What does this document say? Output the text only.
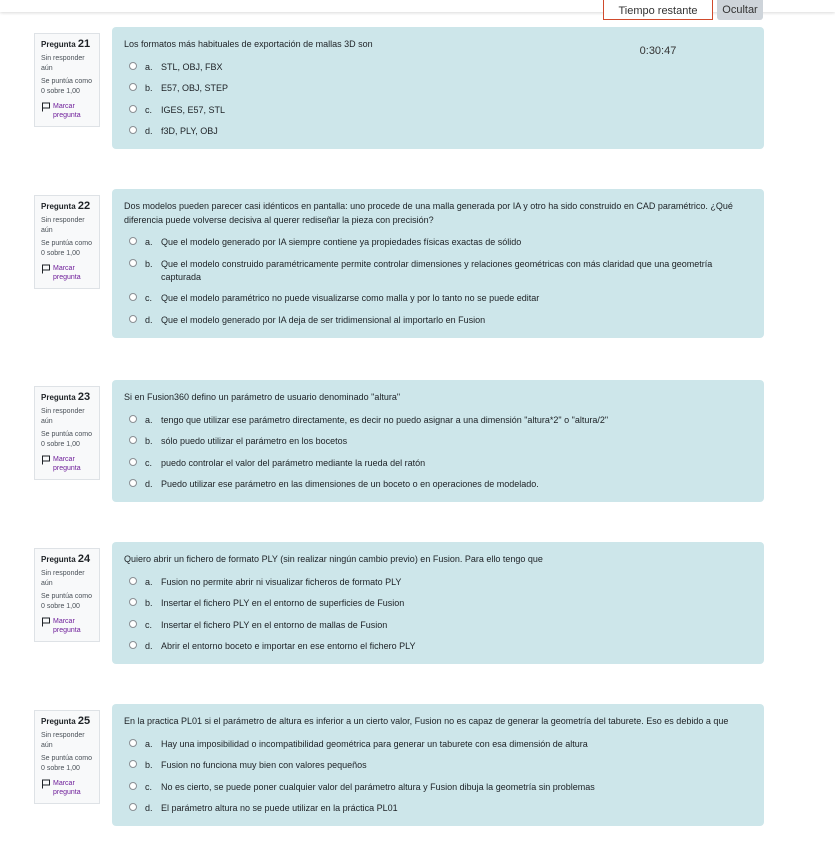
Tiempo restante 0:30:47
Ocultar
Pregunta 21
Sin responder aún
Se puntúa como 0 sobre 1,00
Marcar pregunta
Los formatos más habituales de exportación de mallas 3D son
a. STL, OBJ, FBX
b. E57, OBJ, STEP
c. IGES, E57, STL
d. f3D, PLY, OBJ
Pregunta 22
Sin responder aún
Se puntúa como 0 sobre 1,00
Marcar pregunta
Dos modelos pueden parecer casi idénticos en pantalla: uno procede de una malla generada por IA y otro ha sido construido en CAD paramétrico. ¿Qué diferencia puede volverse decisiva al querer rediseñar la pieza con precisión?
a. Que el modelo generado por IA siempre contiene ya propiedades físicas exactas de sólido
b. Que el modelo construido paramétricamente permite controlar dimensiones y relaciones geométricas con más claridad que una geometría capturada
c. Que el modelo paramétrico no puede visualizarse como malla y por lo tanto no se puede editar
d. Que el modelo generado por IA deja de ser tridimensional al importarlo en Fusion
Pregunta 23
Sin responder aún
Se puntúa como 0 sobre 1,00
Marcar pregunta
Si en Fusion360 defino un parámetro de usuario denominado "altura"
a. tengo que utilizar ese parámetro directamente, es decir no puedo asignar a una dimensión "altura*2" o "altura/2"
b. sólo puedo utilizar el parámetro en los bocetos
c. puedo controlar el valor del parámetro mediante la rueda del ratón
d. Puedo utilizar ese parámetro en las dimensiones de un boceto o en operaciones de modelado.
Pregunta 24
Sin responder aún
Se puntúa como 0 sobre 1,00
Marcar pregunta
Quiero abrir un fichero de formato PLY (sin realizar ningún cambio previo) en Fusion. Para ello tengo que
a. Fusion no permite abrir ni visualizar ficheros de formato PLY
b. Insertar el fichero PLY en el entorno de superficies de Fusion
c. Insertar el fichero PLY en el entorno de mallas de Fusion
d. Abrir el entorno boceto e importar en ese entorno el fichero PLY
Pregunta 25
Sin responder aún
Se puntúa como 0 sobre 1,00
Marcar pregunta
En la practica PL01 si el parámetro de altura es inferior a un cierto valor, Fusion no es capaz de generar la geometría del taburete. Eso es debido a que
a. Hay una imposibilidad o incompatibilidad geométrica para generar un taburete con esa dimensión de altura
b. Fusion no funciona muy bien con valores pequeños
c. No es cierto, se puede poner cualquier valor del parámetro altura y Fusion dibuja la geometría sin problemas
d. El parámetro altura no se puede utilizar en la práctica PL01
